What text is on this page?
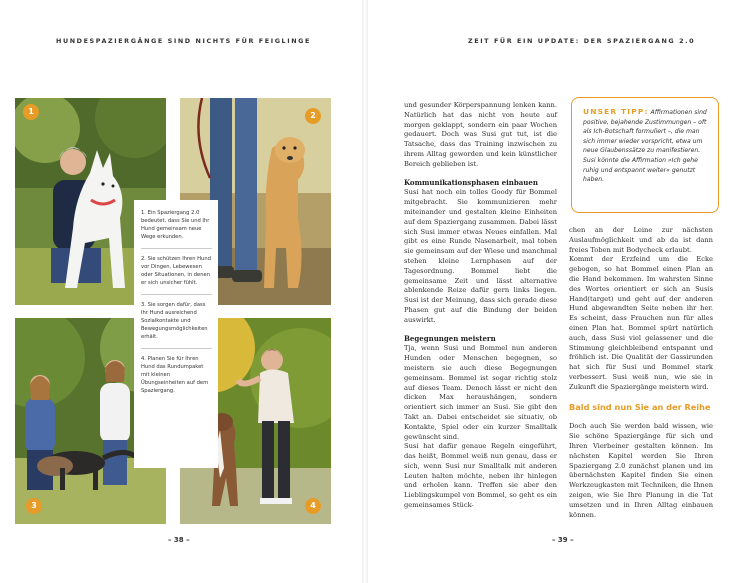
HUNDESPAZIERGÄNGE SIND NICHTS FÜR FEIGLINGE	ZEIT FÜR EIN UPDATE: DER SPAZIERGANG 2.0
1	2
3	4
1. Ein Spaziergang 2.0 bedeutet, dass Sie und Ihr Hund gemeinsam neue Wege erkunden.
2. Sie schützen Ihren Hund vor Dingen, Lebewesen oder Situationen, in denen er sich unsicher fühlt.
3. Sie sorgen dafür, dass Ihr Hund ausreichend Sozialkontakte und Bewegungsmöglichkeiten erhält.
4. Planen Sie für Ihren Hund das Rundumpaket mit kleinen Übungseinheiten auf dem Spaziergang.

und gesunder Körperspannung lenken kann. Natürlich hat das nicht von heute auf morgen geklappt, sondern ein paar Wochen gedauert. Doch was Susi gut tut, ist die Tatsache, dass das Training inzwischen zu ihrem Alltag geworden und kein künstlicher Bereich geblieben ist.

Kommunikationsphasen einbauen

Susi hat noch ein tolles Goody für Bommel mitgebracht. Sie kommunizieren mehr miteinander und gestalten kleine Einheiten auf dem Spaziergang zusammen. Dabei lässt sich Susi immer etwas Neues einfallen. Mal gibt es eine Runde Nasenarbeit, mal toben sie gemeinsam auf der Wiese und manchmal stehen kleine Lernphasen auf der Tagesordnung. Bommel liebt die gemeinsame Zeit und lässt alternative ablenkende Reize dafür gern links liegen. Susi ist der Meinung, dass sich gerade diese Phasen gut auf die Bindung der beiden auswirkt.

Begegnungen meistern

Tja, wenn Susi und Bommel nun anderen Hunden oder Menschen begegnen, so meistern sie auch diese Begegnungen gemeinsam. Bommel ist sogar richtig stolz auf dieses Team. Denoch lässt er nicht den dicken Max heraushängen, sondern orientiert sich immer an Susi. Sie gibt den Takt an. Dabei entscheidet sie situativ, ob Kontakte, Spiel oder ein kurzer Smalltalk gewünscht sind.

Susi hat dafür genaue Regeln eingeführt, das heißt, Bommel weiß nun genau, dass er sich, wenn Susi nur Smalltalk mit anderen Leuten halten möchte, neben ihr hinlegen und erholen kann. Treffen sie aber den Lieblingskumpel von Bommel, so geht es ein gemeinsames Stück-

UNSER TIPP: Affirmationen sind positive, bejahende Zustimmungen – oft als Ich-Botschaft formuliert –, die man sich immer wieder vorspricht, etwa um neue Glaubenssätze zu manifestieren. Susi könnte die Affirmation »Ich gehe ruhig und entspannt weiter« genutzt haben.

chen an der Leine zur nächsten Auslaufmöglichkeit und ab da ist dann freies Toben mit Bodycheck erlaubt.

Kommt der Erzfeind um die Ecke gebogen, so hat Bommel einen Plan an die Hand bekommen. Im wahrsten Sinne des Wortes orientiert er sich an Susis Hand(target) und geht auf der anderen Hund abgewandten Seite neben ihr her. Es scheint, dass Frauchen nun für alles einen Plan hat. Bommel spürt natürlich auch, dass Susi viel gelassener und die Stimmung gleichbleibend entspannt und fröhlich ist. Die Qualität der Gassirunden hat sich für Susi und Bommel stark verbessert. Susi weiß nun, wie sie in Zukunft die Spaziergänge meistern wird.

Bald sind nun Sie an der Reihe

Doch auch Sie werden bald wissen, wie Sie schöne Spaziergänge für sich und Ihren Vierbeiner gestalten können. Im nächsten Kapitel werden Sie Ihren Spaziergang 2.0 zunächst planen und im übernächsten Kapitel finden Sie einen Werkzeugkasten mit Techniken, die Ihnen zeigen, wie Sie Ihre Planung in die Tat umsetzen und in Ihren Alltag einbauen können.

– 38 –	– 39 –
